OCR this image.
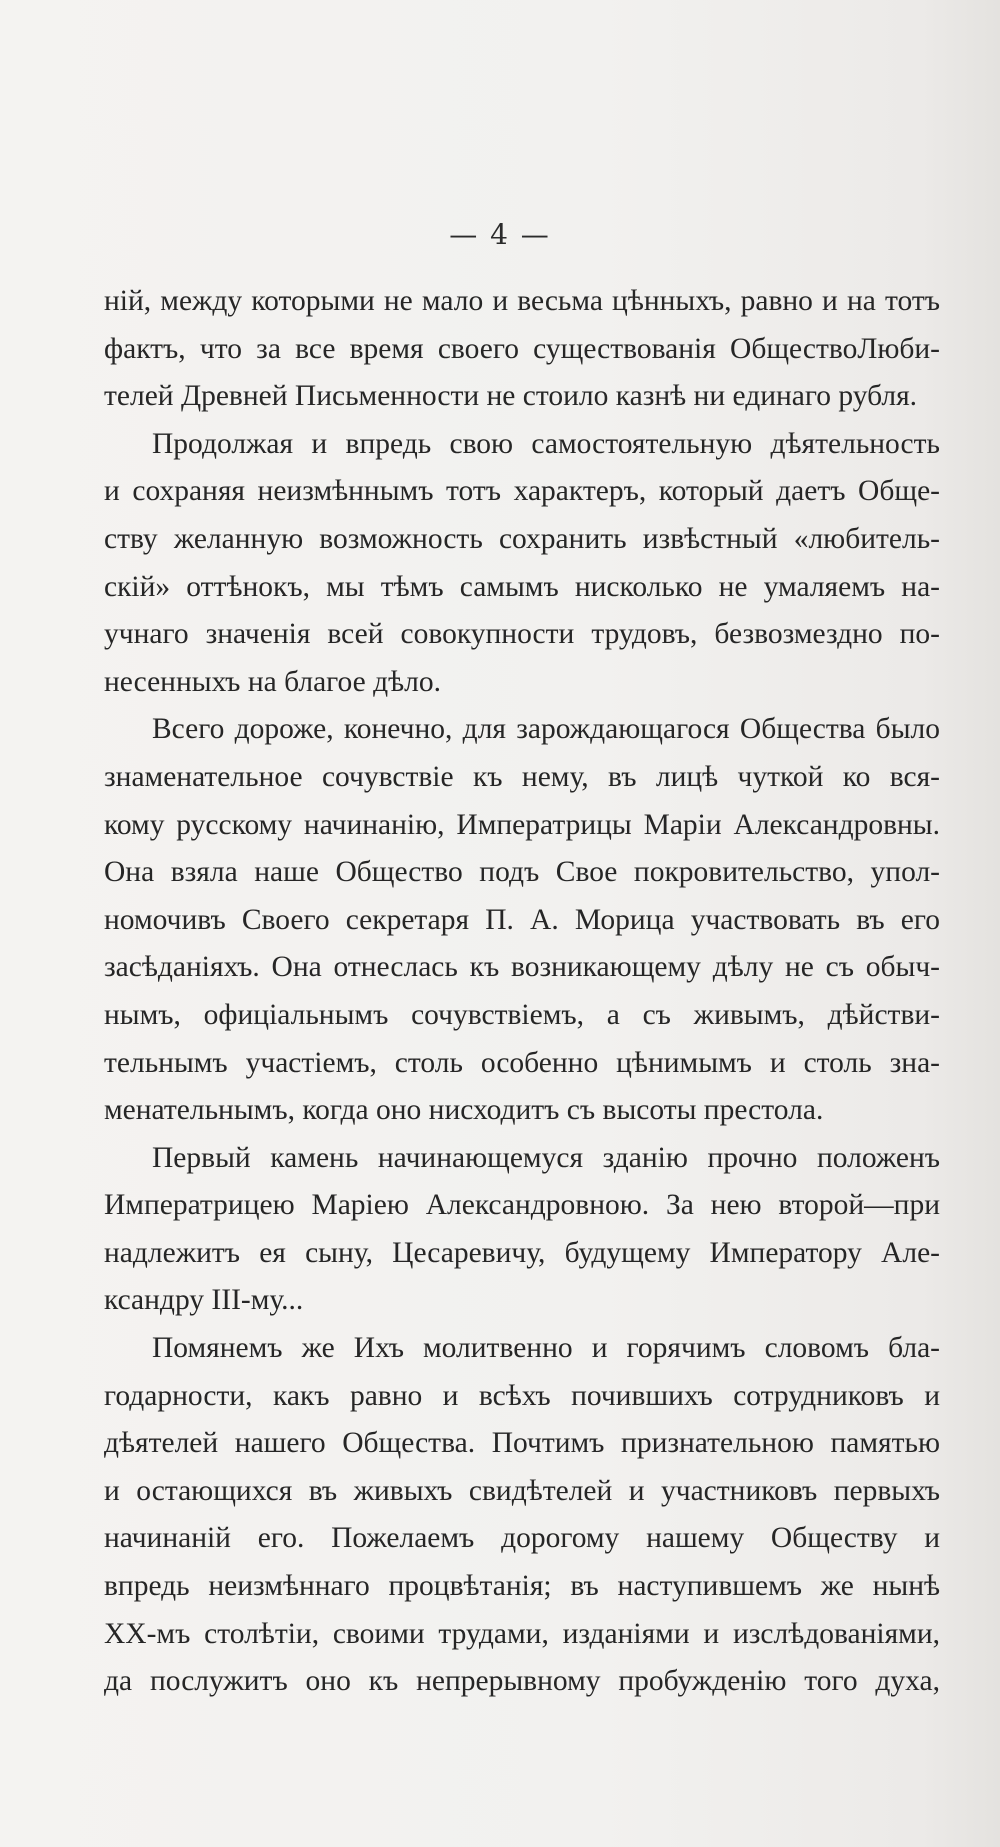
— 4 —
ній, между которыми не мало и весьма цѣнныхъ, равно и на тотъ
фактъ, что за все время своего существованія ОбществоЛюби-
телей Древней Письменности не стоило казнѣ ни единаго рубля.
Продолжая и впредь свою самостоятельную дѣятельность
и сохраняя неизмѣннымъ тотъ характеръ, который даетъ Обще-
ству желанную возможность сохранить извѣстный «любитель-
скій» оттѣнокъ, мы тѣмъ самымъ нисколько не умаляемъ на-
учнаго значенія всей совокупности трудовъ, безвозмездно по-
несенныхъ на благое дѣло.
Всего дороже, конечно, для зарождающагося Общества было
знаменательное сочувствіе къ нему, въ лицѣ чуткой ко вся-
кому русскому начинанію, Императрицы Маріи Александровны.
Она взяла наше Общество подъ Свое покровительство, упол-
номочивъ Своего секретаря П. А. Морица участвовать въ его
засѣданіяхъ. Она отнеслась къ возникающему дѣлу не съ обыч-
нымъ, офиціальнымъ сочувствіемъ, а съ живымъ, дѣйстви-
тельнымъ участіемъ, столь особенно цѣнимымъ и столь зна-
менательнымъ, когда оно нисходитъ съ высоты престола.
Первый камень начинающемуся зданію прочно положенъ
Императрицею Маріею Александровною. За нею второй—при
надлежитъ ея сыну, Цесаревичу, будущему Императору Але-
ксандру III-му...
Помянемъ же Ихъ молитвенно и горячимъ словомъ бла-
годарности, какъ равно и всѣхъ почившихъ сотрудниковъ и
дѣятелей нашего Общества. Почтимъ признательною памятью
и остающихся въ живыхъ свидѣтелей и участниковъ первыхъ
начинаній его. Пожелаемъ дорогому нашему Обществу и
впредь неизмѣннаго процвѣтанія; въ наступившемъ же нынѣ
XX-мъ столѣтіи, своими трудами, изданіями и изслѣдованіями,
да послужитъ оно къ непрерывному пробужденію того духа,
